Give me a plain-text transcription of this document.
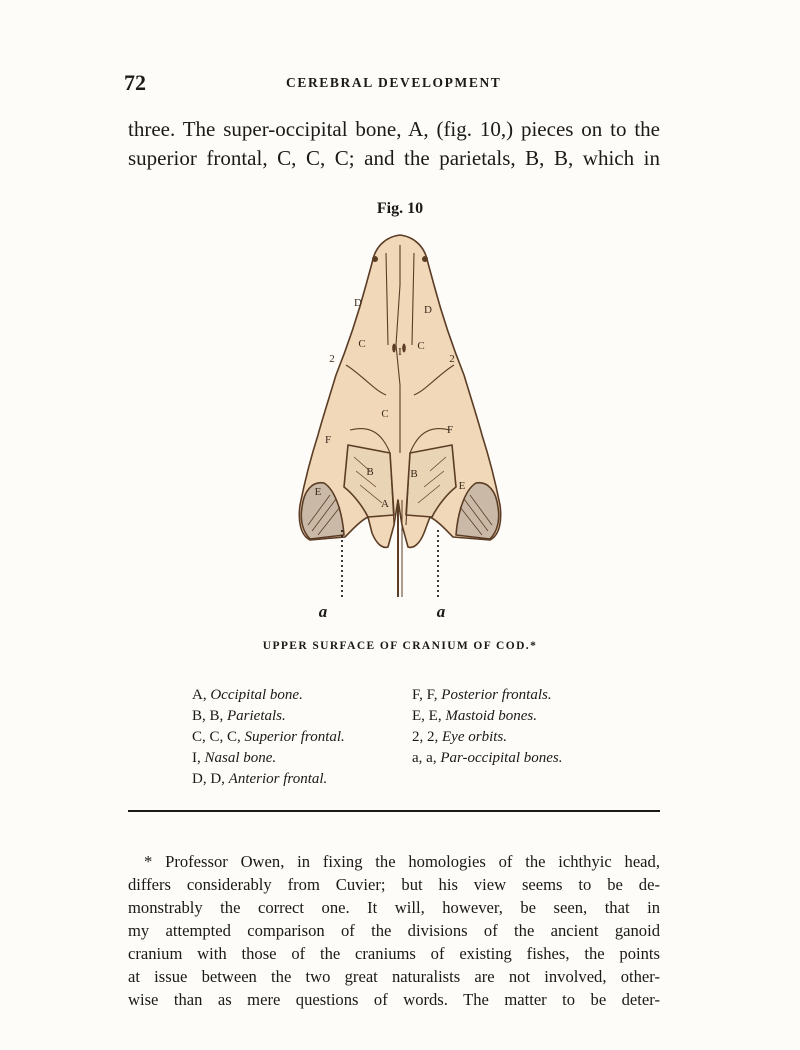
72	CEREBRAL DEVELOPMENT
three. The super-occipital bone, A, (fig. 10,) pieces on to the
superior frontal, C, C, C; and the parietals, B, B, which in
Fig. 10
A
B	B
C	C
C
D
D
E	E
F
F
I
2	2
a	a
UPPER SURFACE OF CRANIUM OF COD.*
A, Occipital bone.
B, B, Parietals.
C, C, C, Superior frontal.
I, Nasal bone.
D, D, Anterior frontal.
F, F, Posterior frontals.
E, E, Mastoid bones.
2, 2, Eye orbits.
a, a, Par-occipital bones.
* Professor Owen, in fixing the homologies of the ichthyic head,
differs considerably from Cuvier; but his view seems to be de-
monstrably the correct one. It will, however, be seen, that in
my attempted comparison of the divisions of the ancient ganoid
cranium with those of the craniums of existing fishes, the points
at issue between the two great naturalists are not involved, other-
wise than as mere questions of words. The matter to be deter-
